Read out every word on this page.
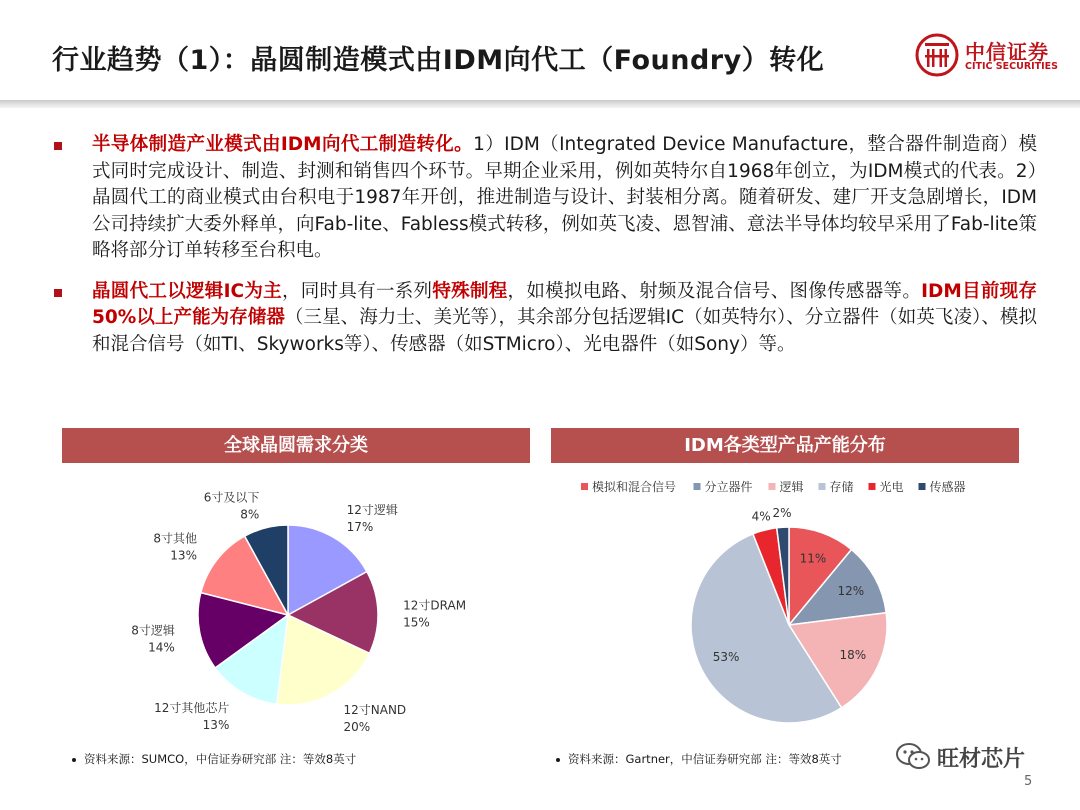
行业趋势（1）：晶圆制造模式由IDM向代工（Foundry）转化	中信证券
CITIC SECURITIES
半导体制造产业模式由IDM向代工制造转化。1）IDM（Integrated Device Manufacture，整合器件制造商）模式同时完成设计、制造、封测和销售四个环节。早期企业采用，例如英特尔自1968年创立，为IDM模式的代表。2）晶圆代工的商业模式由台积电于1987年开创，推进制造与设计、封装相分离。随着研发、建厂开支急剧增长，IDM公司持续扩大委外释单，向Fab-lite、Fabless模式转移，例如英飞凌、恩智浦、意法半导体均较早采用了Fab-lite策略将部分订单转移至台积电。
晶圆代工以逻辑IC为主，同时具有一系列特殊制程，如模拟电路、射频及混合信号、图像传感器等。IDM目前现存50%以上产能为存储器（三星、海力士、美光等），其余部分包括逻辑IC（如英特尔）、分立器件（如英飞凌）、模拟和混合信号（如TI、Skyworks等）、传感器（如STMicro）、光电器件（如Sony）等。
全球晶圆需求分类	IDM各类型产品产能分布
12寸逻辑
17%
12寸DRAM
15%
12寸NAND
20%
12寸其他芯片
13%
8寸逻辑
14%
8寸其他
13%
6寸及以下
8%
模拟和混合信号 分立器件 逻辑 存储 光电 传感器
11%
12%
18%
53%
4% 2%
资料来源：SUMCO，中信证券研究部 注：等效8英寸	资料来源：Gartner，中信证券研究部 注：等效8英寸	旺材芯片
5
